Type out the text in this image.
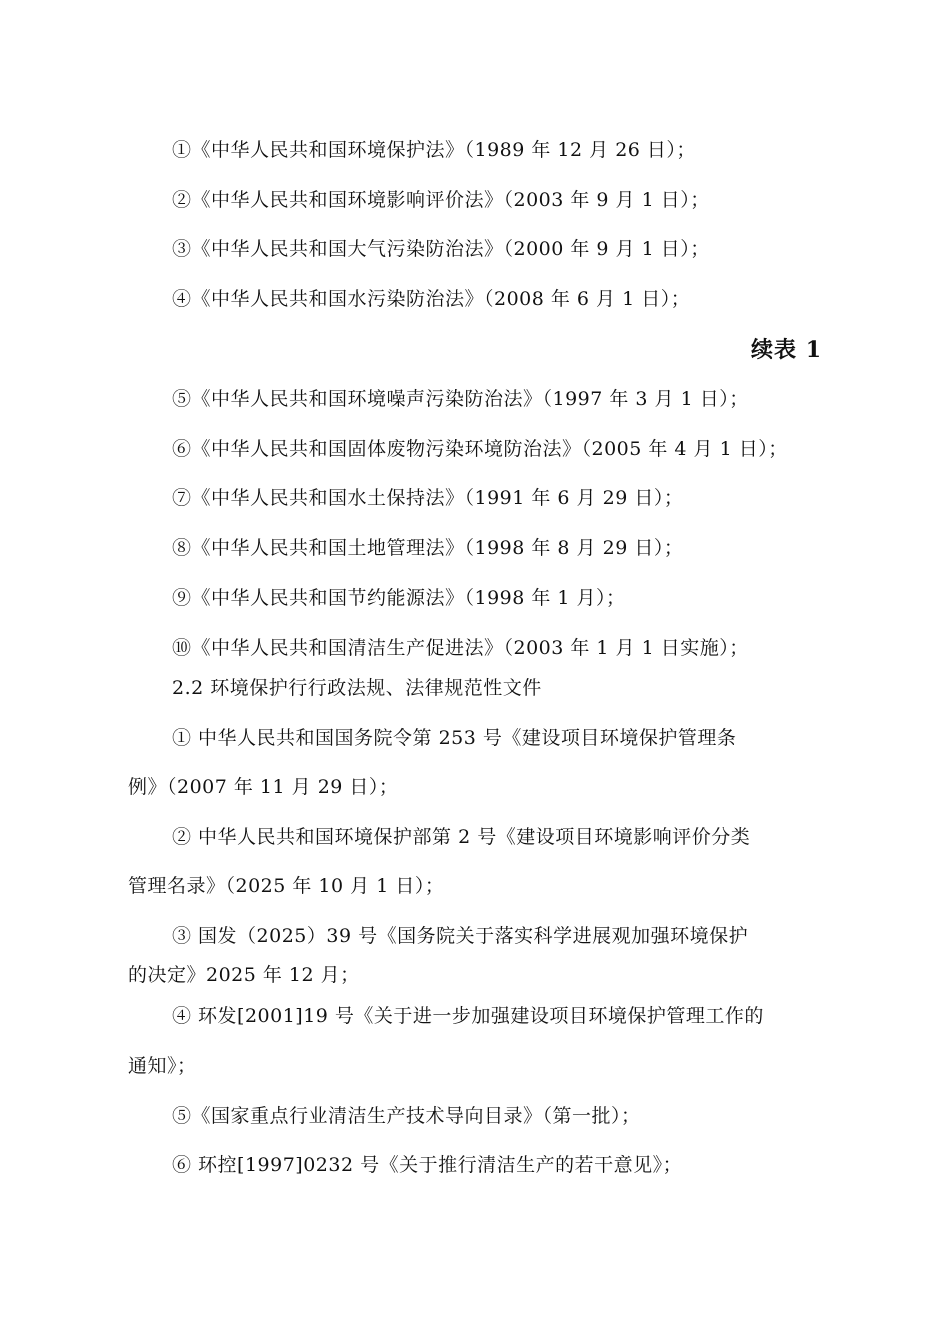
①《中华人民共和国环境保护法》（1989 年 12 月 26 日）；
②《中华人民共和国环境影响评价法》（2003 年 9 月 1 日）；
③《中华人民共和国大气污染防治法》（2000 年 9 月 1 日）；
④《中华人民共和国水污染防治法》（2008 年 6 月 1 日）；
续表 1
⑤《中华人民共和国环境噪声污染防治法》（1997 年 3 月 1 日）；
⑥《中华人民共和国固体废物污染环境防治法》（2005 年 4 月 1 日）；
⑦《中华人民共和国水土保持法》（1991 年 6 月 29 日）；
⑧《中华人民共和国土地管理法》（1998 年 8 月 29 日）；
⑨《中华人民共和国节约能源法》（1998 年 1 月）；
⑩《中华人民共和国清洁生产促进法》（2003 年 1 月 1 日实施）；
2.2 环境保护行行政法规、法律规范性文件
① 中华人民共和国国务院令第 253 号《建设项目环境保护管理条
例》（2007 年 11 月 29 日）；
② 中华人民共和国环境保护部第 2 号《建设项目环境影响评价分类
管理名录》（2025 年 10 月 1 日）；
③ 国发（2025）39 号《国务院关于落实科学进展观加强环境保护
的决定》2025 年 12 月；
④ 环发[2001]19 号《关于进一步加强建设项目环境保护管理工作的
通知》；
⑤《国家重点行业清洁生产技术导向目录》（第一批）；
⑥ 环控[1997]0232 号《关于推行清洁生产的若干意见》；
